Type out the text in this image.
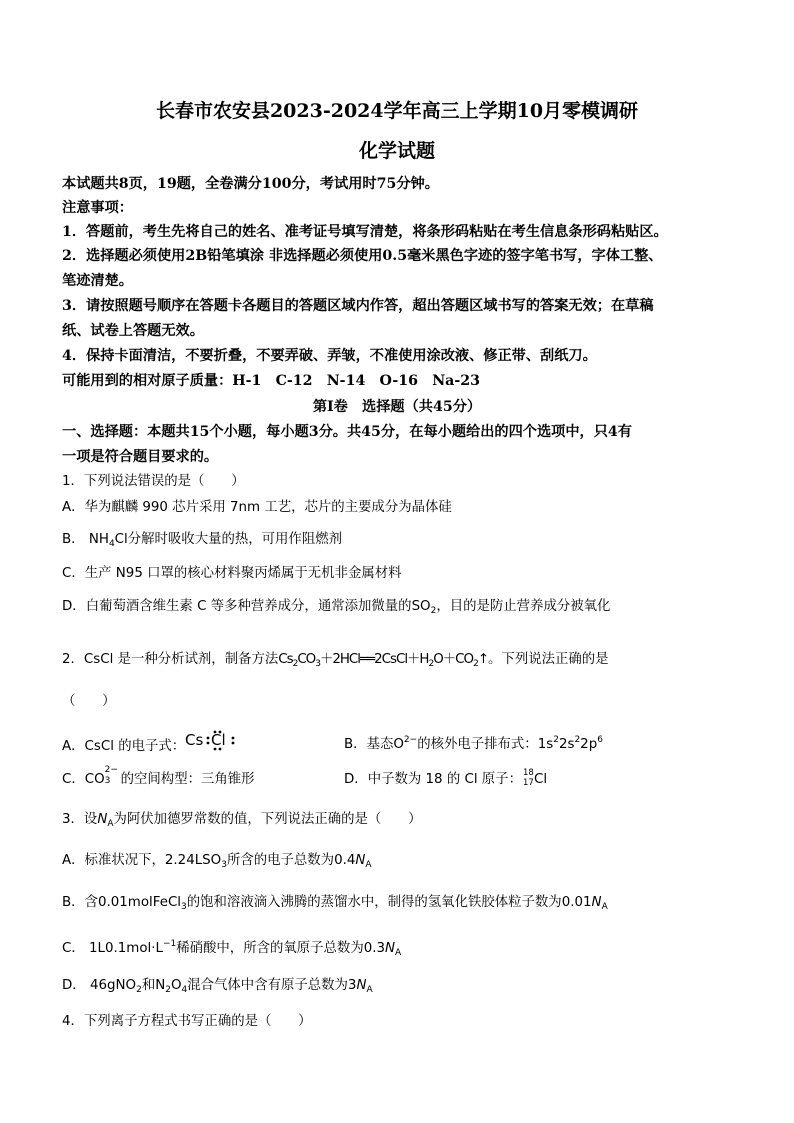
长春市农安县2023-2024学年高三上学期10月零模调研
化学试题
本试题共8页，19题，全卷满分100分，考试用时75分钟。
注意事项：
1．答题前，考生先将自己的姓名、准考证号填写清楚，将条形码粘贴在考生信息条形码粘贴区。
2．选择题必须使用2B铅笔填涂 非选择题必须使用0.5毫米黑色字迹的签字笔书写，字体工整、
笔迹清楚。
3．请按照题号顺序在答题卡各题目的答题区域内作答，超出答题区域书写的答案无效；在草稿
纸、试卷上答题无效。
4．保持卡面清洁，不要折叠，不要弄破、弄皱，不准使用涂改液、修正带、刮纸刀。
可能用到的相对原子质量：H-1　C-12　N-14　O-16　Na-23
第Ⅰ卷　选择题（共45分）
一、选择题：本题共15个小题，每小题3分。共45分，在每小题给出的四个选项中，只4有
一项是符合题目要求的。
1．下列说法错误的是（　　）
A．华为麒麟 990 芯片采用 7nm 工艺，芯片的主要成分为晶体硅
B． $NH_4Cl$分解时吸收大量的热，可用作阻燃剂
C．生产 N95 口罩的核心材料聚丙烯属于无机非金属材料
D．白葡萄酒含维生素 C 等多种营养成分，通常添加微量的$SO_2$，目的是防止营养成分被氧化
2．CsCl 是一种分析试剂，制备方法$Cs_2CO_3+2HCl══2CsCl+H_2O+CO_2↑$。下列说法正确的是
（　　）
A．CsCl 的电子式： Cs Cl	B．基态$O^{2-}$的核外电子排布式：$1s^22s^22p^6$
C．CO
2−
3 的空间构型：三角锥形	D．中子数为 18 的 Cl 原子： 18
17 Cl
3．设$N_A$为阿伏加德罗常数的值，下列说法正确的是（　　）
A．标准状况下，$2.24LSO_3$所含的电子总数为$0.4N_A$
B．含0.01molFeCl$_3$的饱和溶液滴入沸腾的蒸馏水中，制得的氢氧化铁胶体粒子数为$0.01N_A$
C． $1L0.1mol\cdot L^{-1}$稀硝酸中，所含的氧原子总数为$0.3N_A$
D． 46gNO$_2$和$N_2O_4$混合气体中含有原子总数为$3N_A$
4．下列离子方程式书写正确的是（　　）
